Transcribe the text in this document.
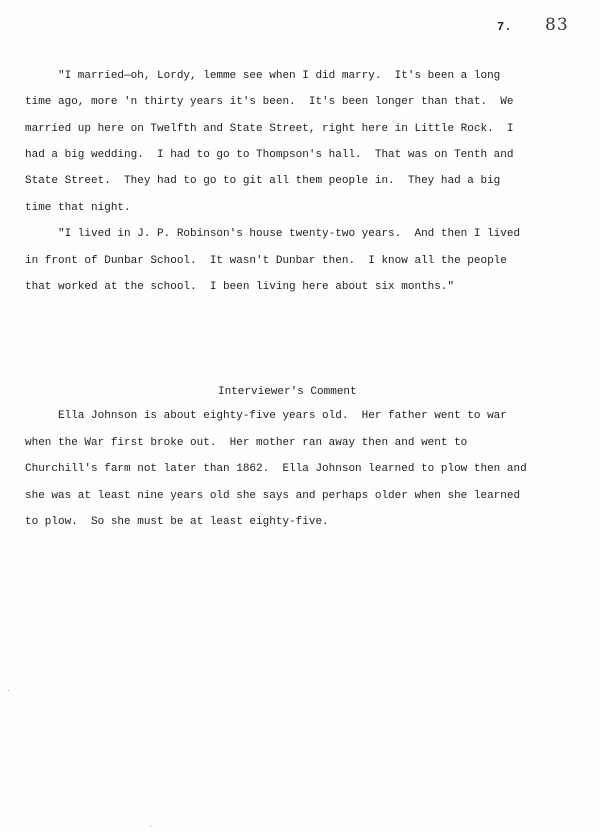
7. 83
"I married—oh, Lordy, lemme see when I did marry.  It's been a long
time ago, more 'n thirty years it's been.  It's been longer than that.  We
married up here on Twelfth and State Street, right here in Little Rock.  I
had a big wedding.  I had to go to Thompson's hall.  That was on Tenth and
State Street.  They had to go to git all them people in.  They had a big
time that night.
"I lived in J. P. Robinson's house twenty-two years.  And then I lived
in front of Dunbar School.  It wasn't Dunbar then.  I know all the people
that worked at the school.  I been living here about six months."
Interviewer's Comment
Ella Johnson is about eighty-five years old.  Her father went to war
when the War first broke out.  Her mother ran away then and went to
Churchill's farm not later than 1862.  Ella Johnson learned to plow then and
she was at least nine years old she says and perhaps older when she learned
to plow.  So she must be at least eighty-five.
